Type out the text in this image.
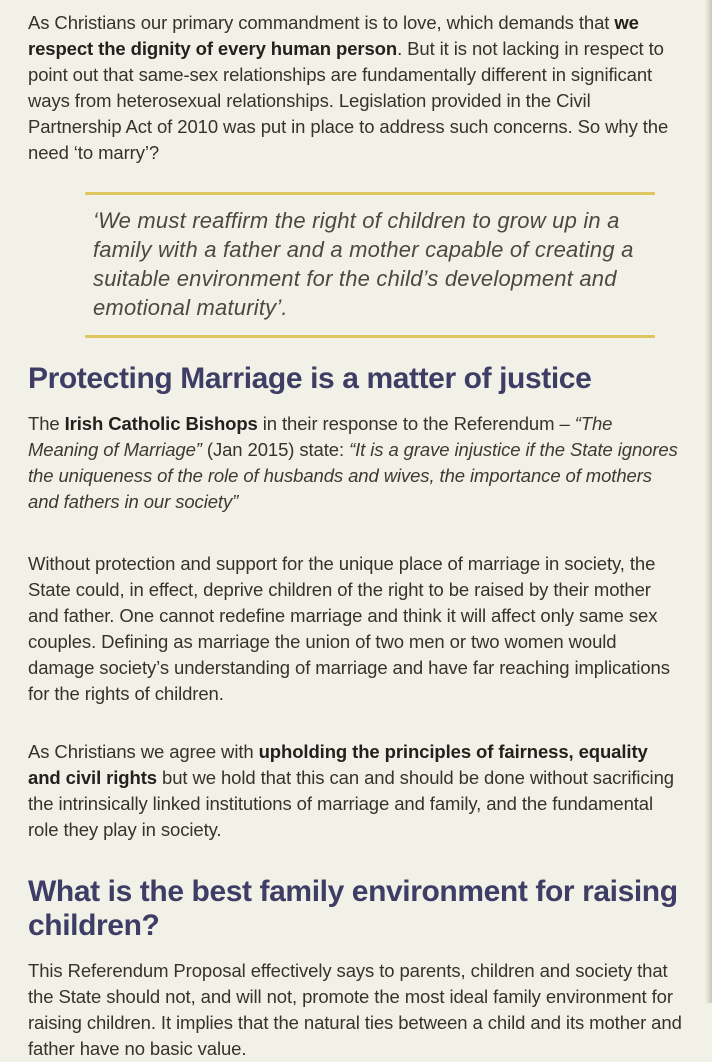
As Christians our primary commandment is to love, which demands that we respect the dignity of every human person. But it is not lacking in respect to point out that same-sex relationships are fundamentally different in significant ways from heterosexual relationships. Legislation provided in the Civil Partnership Act of 2010 was put in place to address such concerns. So why the need ‘to marry’?

‘We must reaffirm the right of children to grow up in a family with a father and a mother capable of creating a suitable environment for the child’s development and emotional maturity’.

Protecting Marriage is a matter of justice

The Irish Catholic Bishops in their response to the Referendum – “The Meaning of Marriage” (Jan 2015) state: “It is a grave injustice if the State ignores the uniqueness of the role of husbands and wives, the importance of mothers and fathers in our society”

Without protection and support for the unique place of marriage in society, the State could, in effect, deprive children of the right to be raised by their mother and father. One cannot redefine marriage and think it will affect only same sex couples. Defining as marriage the union of two men or two women would damage society’s understanding of marriage and have far reaching implications for the rights of children.

As Christians we agree with upholding the principles of fairness, equality and civil rights but we hold that this can and should be done without sacrificing the intrinsically linked institutions of marriage and family, and the fundamental role they play in society.

What is the best family environment for raising children?

This Referendum Proposal effectively says to parents, children and society that the State should not, and will not, promote the most ideal family environment for raising children. It implies that the natural ties between a child and its mother and father have no basic value.
